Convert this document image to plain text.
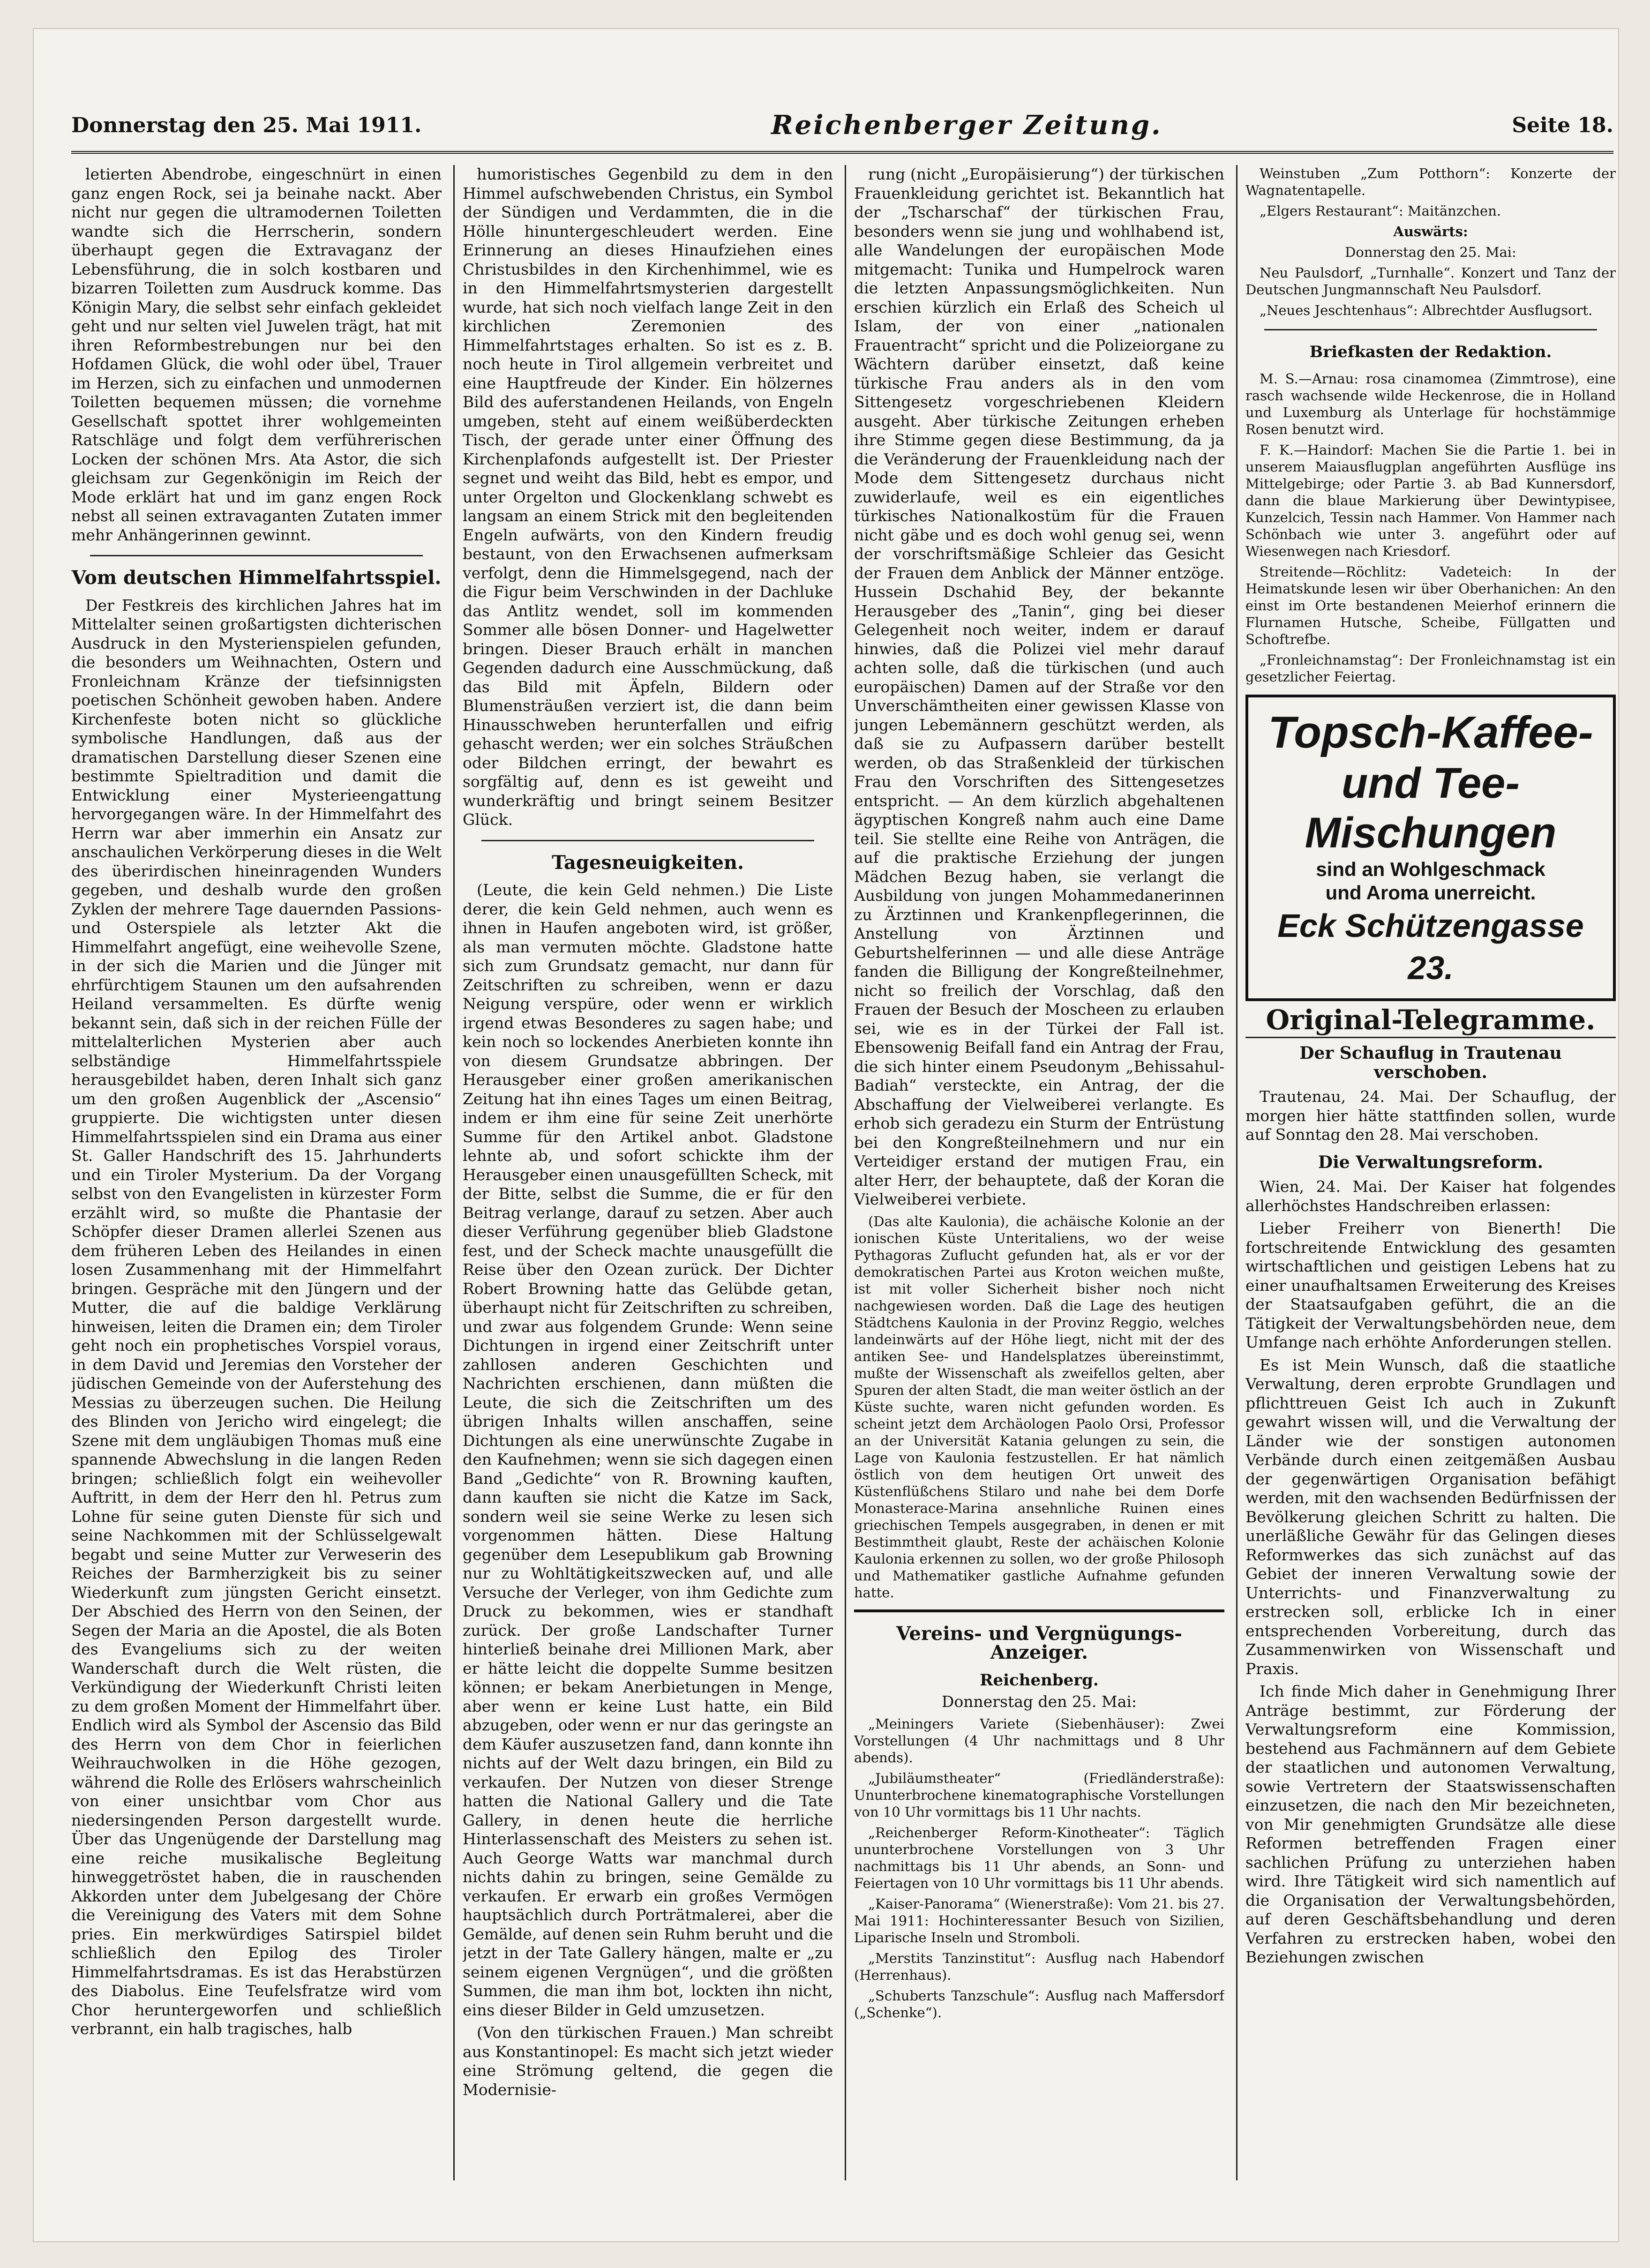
Donnerstag den 25. Mai 1911.	Reichenberger Zeitung.	Seite 18.

letierten Abendrobe, eingeschnürt in einen ganz engen Rock, sei ja beinahe nackt. Aber nicht nur gegen die ultramodernen Toiletten wandte sich die Herrscherin, sondern überhaupt gegen die Extravaganz der Lebensführung, die in solch kostbaren und bizarren Toiletten zum Ausdruck komme. Das Königin Mary, die selbst sehr einfach gekleidet geht und nur selten viel Juwelen trägt, hat mit ihren Reformbestrebungen nur bei den Hofdamen Glück, die wohl oder übel, Trauer im Herzen, sich zu einfachen und unmodernen Toiletten bequemen müssen; die vornehme Gesellschaft spottet ihrer wohlgemeinten Ratschläge und folgt dem verführerischen Locken der schönen Mrs. Ata Astor, die sich gleichsam zur Gegenkönigin im Reich der Mode erklärt hat und im ganz engen Rock nebst all seinen extravaganten Zutaten immer mehr Anhängerinnen gewinnt.

Vom deutschen Himmelfahrtsspiel.

Der Festkreis des kirchlichen Jahres hat im Mittelalter seinen großartigsten dichterischen Ausdruck in den Mysterienspielen gefunden, die besonders um Weihnachten, Ostern und Fronleichnam Kränze der tiefsinnigsten poetischen Schönheit gewoben haben. Andere Kirchenfeste boten nicht so glückliche symbolische Handlungen, daß aus der dramatischen Darstellung dieser Szenen eine bestimmte Spieltradition und damit die Entwicklung einer Mysterieengattung hervorgegangen wäre. In der Himmelfahrt des Herrn war aber immerhin ein Ansatz zur anschaulichen Verkörperung dieses in die Welt des überirdischen hineinragenden Wunders gegeben, und deshalb wurde den großen Zyklen der mehrere Tage dauernden Passions- und Osterspiele als letzter Akt die Himmelfahrt angefügt, eine weihevolle Szene, in der sich die Marien und die Jünger mit ehrfürchtigem Staunen um den aufsahrenden Heiland versammelten. Es dürfte wenig bekannt sein, daß sich in der reichen Fülle der mittelalterlichen Mysterien aber auch selbständige Himmelfahrtsspiele herausgebildet haben, deren Inhalt sich ganz um den großen Augenblick der „Ascensio“ gruppierte. Die wichtigsten unter diesen Himmelfahrtsspielen sind ein Drama aus einer St. Galler Handschrift des 15. Jahrhunderts und ein Tiroler Mysterium. Da der Vorgang selbst von den Evangelisten in kürzester Form erzählt wird, so mußte die Phantasie der Schöpfer dieser Dramen allerlei Szenen aus dem früheren Leben des Heilandes in einen losen Zusammenhang mit der Himmelfahrt bringen. Gespräche mit den Jüngern und der Mutter, die auf die baldige Verklärung hinweisen, leiten die Dramen ein; dem Tiroler geht noch ein prophetisches Vorspiel voraus, in dem David und Jeremias den Vorsteher der jüdischen Gemeinde von der Auferstehung des Messias zu überzeugen suchen. Die Heilung des Blinden von Jericho wird eingelegt; die Szene mit dem ungläubigen Thomas muß eine spannende Abwechslung in die langen Reden bringen; schließlich folgt ein weihevoller Auftritt, in dem der Herr den hl. Petrus zum Lohne für seine guten Dienste für sich und seine Nachkommen mit der Schlüsselgewalt begabt und seine Mutter zur Verweserin des Reiches der Barmherzigkeit bis zu seiner Wiederkunft zum jüngsten Gericht einsetzt. Der Abschied des Herrn von den Seinen, der Segen der Maria an die Apostel, die als Boten des Evangeliums sich zu der weiten Wanderschaft durch die Welt rüsten, die Verkündigung der Wiederkunft Christi leiten zu dem großen Moment der Himmelfahrt über. Endlich wird als Symbol der Ascensio das Bild des Herrn von dem Chor in feierlichen Weihrauchwolken in die Höhe gezogen, während die Rolle des Erlösers wahrscheinlich von einer unsichtbar vom Chor aus niedersingenden Person dargestellt wurde. Über das Ungenügende der Darstellung mag eine reiche musikalische Begleitung hinweggetröstet haben, die in rauschenden Akkorden unter dem Jubelgesang der Chöre die Vereinigung des Vaters mit dem Sohne pries. Ein merkwürdiges Satirspiel bildet schließlich den Epilog des Tiroler Himmelfahrtsdramas. Es ist das Herabstürzen des Diabolus. Eine Teufelsfratze wird vom Chor heruntergeworfen und schließlich verbrannt, ein halb tragisches, halb

humoristisches Gegenbild zu dem in den Himmel aufschwebenden Christus, ein Symbol der Sündigen und Verdammten, die in die Hölle hinuntergeschleudert werden. Eine Erinnerung an dieses Hinaufziehen eines Christusbildes in den Kirchenhimmel, wie es in den Himmelfahrtsmysterien dargestellt wurde, hat sich noch vielfach lange Zeit in den kirchlichen Zeremonien des Himmelfahrtstages erhalten. So ist es z. B. noch heute in Tirol allgemein verbreitet und eine Hauptfreude der Kinder. Ein hölzernes Bild des auferstandenen Heilands, von Engeln umgeben, steht auf einem weißüberdeckten Tisch, der gerade unter einer Öffnung des Kirchenplafonds aufgestellt ist. Der Priester segnet und weiht das Bild, hebt es empor, und unter Orgelton und Glockenklang schwebt es langsam an einem Strick mit den begleitenden Engeln aufwärts, von den Kindern freudig bestaunt, von den Erwachsenen aufmerksam verfolgt, denn die Himmelsgegend, nach der die Figur beim Verschwinden in der Dachluke das Antlitz wendet, soll im kommenden Sommer alle bösen Donner- und Hagelwetter bringen. Dieser Brauch erhält in manchen Gegenden dadurch eine Ausschmückung, daß das Bild mit Äpfeln, Bildern oder Blumensträußen verziert ist, die dann beim Hinausschweben herunterfallen und eifrig gehascht werden; wer ein solches Sträußchen oder Bildchen erringt, der bewahrt es sorgfältig auf, denn es ist geweiht und wunderkräftig und bringt seinem Besitzer Glück.

Tagesneuigkeiten.

(Leute, die kein Geld nehmen.) Die Liste derer, die kein Geld nehmen, auch wenn es ihnen in Haufen angeboten wird, ist größer, als man vermuten möchte. Gladstone hatte sich zum Grundsatz gemacht, nur dann für Zeitschriften zu schreiben, wenn er dazu Neigung verspüre, oder wenn er wirklich irgend etwas Besonderes zu sagen habe; und kein noch so lockendes Anerbieten konnte ihn von diesem Grundsatze abbringen. Der Herausgeber einer großen amerikanischen Zeitung hat ihn eines Tages um einen Beitrag, indem er ihm eine für seine Zeit unerhörte Summe für den Artikel anbot. Gladstone lehnte ab, und sofort schickte ihm der Herausgeber einen unausgefüllten Scheck, mit der Bitte, selbst die Summe, die er für den Beitrag verlange, darauf zu setzen. Aber auch dieser Verführung gegenüber blieb Gladstone fest, und der Scheck machte unausgefüllt die Reise über den Ozean zurück. Der Dichter Robert Browning hatte das Gelübde getan, überhaupt nicht für Zeitschriften zu schreiben, und zwar aus folgendem Grunde: Wenn seine Dichtungen in irgend einer Zeitschrift unter zahllosen anderen Geschichten und Nachrichten erschienen, dann müßten die Leute, die sich die Zeitschriften um des übrigen Inhalts willen anschaffen, seine Dichtungen als eine unerwünschte Zugabe in den Kaufnehmen; wenn sie sich dagegen einen Band „Gedichte“ von R. Browning kauften, dann kauften sie nicht die Katze im Sack, sondern weil sie seine Werke zu lesen sich vorgenommen hätten. Diese Haltung gegenüber dem Lesepublikum gab Browning nur zu Wohltätigkeitszwecken auf, und alle Versuche der Verleger, von ihm Gedichte zum Druck zu bekommen, wies er standhaft zurück. Der große Landschafter Turner hinterließ beinahe drei Millionen Mark, aber er hätte leicht die doppelte Summe besitzen können; er bekam Anerbietungen in Menge, aber wenn er keine Lust hatte, ein Bild abzugeben, oder wenn er nur das geringste an dem Käufer auszusetzen fand, dann konnte ihn nichts auf der Welt dazu bringen, ein Bild zu verkaufen. Der Nutzen von dieser Strenge hatten die National Gallery und die Tate Gallery, in denen heute die herrliche Hinterlassenschaft des Meisters zu sehen ist. Auch George Watts war manchmal durch nichts dahin zu bringen, seine Gemälde zu verkaufen. Er erwarb ein großes Vermögen hauptsächlich durch Porträtmalerei, aber die Gemälde, auf denen sein Ruhm beruht und die jetzt in der Tate Gallery hängen, malte er „zu seinem eigenen Vergnügen“, und die größten Summen, die man ihm bot, lockten ihn nicht, eins dieser Bilder in Geld umzusetzen.

(Von den türkischen Frauen.) Man schreibt aus Konstantinopel: Es macht sich jetzt wieder eine Strömung geltend, die gegen die Modernisie-

rung (nicht „Europäisierung“) der türkischen Frauenkleidung gerichtet ist. Bekanntlich hat der „Tscharschaf“ der türkischen Frau, besonders wenn sie jung und wohlhabend ist, alle Wandelungen der europäischen Mode mitgemacht: Tunika und Humpelrock waren die letzten Anpassungsmöglichkeiten. Nun erschien kürzlich ein Erlaß des Scheich ul Islam, der von einer „nationalen Frauentracht“ spricht und die Polizeiorgane zu Wächtern darüber einsetzt, daß keine türkische Frau anders als in den vom Sittengesetz vorgeschriebenen Kleidern ausgeht. Aber türkische Zeitungen erheben ihre Stimme gegen diese Bestimmung, da ja die Veränderung der Frauenkleidung nach der Mode dem Sittengesetz durchaus nicht zuwiderlaufe, weil es ein eigentliches türkisches Nationalkostüm für die Frauen nicht gäbe und es doch wohl genug sei, wenn der vorschriftsmäßige Schleier das Gesicht der Frauen dem Anblick der Männer entzöge. Hussein Dschahid Bey, der bekannte Herausgeber des „Tanin“, ging bei dieser Gelegenheit noch weiter, indem er darauf hinwies, daß die Polizei viel mehr darauf achten solle, daß die türkischen (und auch europäischen) Damen auf der Straße vor den Unverschämtheiten einer gewissen Klasse von jungen Lebemännern geschützt werden, als daß sie zu Aufpassern darüber bestellt werden, ob das Straßenkleid der türkischen Frau den Vorschriften des Sittengesetzes entspricht. — An dem kürzlich abgehaltenen ägyptischen Kongreß nahm auch eine Dame teil. Sie stellte eine Reihe von Anträgen, die auf die praktische Erziehung der jungen Mädchen Bezug haben, sie verlangt die Ausbildung von jungen Mohammedanerinnen zu Ärztinnen und Krankenpflegerinnen, die Anstellung von Ärztinnen und Geburtshelferinnen — und alle diese Anträge fanden die Billigung der Kongreßteilnehmer, nicht so freilich der Vorschlag, daß den Frauen der Besuch der Moscheen zu erlauben sei, wie es in der Türkei der Fall ist. Ebensowenig Beifall fand ein Antrag der Frau, die sich hinter einem Pseudonym „Behissahul-Badiah“ versteckte, ein Antrag, der die Abschaffung der Vielweiberei verlangte. Es erhob sich geradezu ein Sturm der Entrüstung bei den Kongreßteilnehmern und nur ein Verteidiger erstand der mutigen Frau, ein alter Herr, der behauptete, daß der Koran die Vielweiberei verbiete.

(Das alte Kaulonia), die achäische Kolonie an der ionischen Küste Unteritaliens, wo der weise Pythagoras Zuflucht gefunden hat, als er vor der demokratischen Partei aus Kroton weichen mußte, ist mit voller Sicherheit bisher noch nicht nachgewiesen worden. Daß die Lage des heutigen Städtchens Kaulonia in der Provinz Reggio, welches landeinwärts auf der Höhe liegt, nicht mit der des antiken See- und Handelsplatzes übereinstimmt, mußte der Wissenschaft als zweifellos gelten, aber Spuren der alten Stadt, die man weiter östlich an der Küste suchte, waren nicht gefunden worden. Es scheint jetzt dem Archäologen Paolo Orsi, Professor an der Universität Katania gelungen zu sein, die Lage von Kaulonia festzustellen. Er hat nämlich östlich von dem heutigen Ort unweit des Küstenflüßchens Stilaro und nahe bei dem Dorfe Monasterace-Marina ansehnliche Ruinen eines griechischen Tempels ausgegraben, in denen er mit Bestimmtheit glaubt, Reste der achäischen Kolonie Kaulonia erkennen zu sollen, wo der große Philosoph und Mathematiker gastliche Aufnahme gefunden hatte.

Vereins- und Vergnügungs-Anzeiger.
Reichenberg.

Donnerstag den 25. Mai:

„Meiningers Variete (Siebenhäuser): Zwei Vorstellungen (4 Uhr nachmittags und 8 Uhr abends).

„Jubiläumstheater“ (Friedländerstraße): Ununterbrochene kinematographische Vorstellungen von 10 Uhr vormittags bis 11 Uhr nachts.

„Reichenberger Reform-Kinotheater“: Täglich ununterbrochene Vorstellungen von 3 Uhr nachmittags bis 11 Uhr abends, an Sonn- und Feiertagen von 10 Uhr vormittags bis 11 Uhr abends.

„Kaiser-Panorama“ (Wienerstraße): Vom 21. bis 27. Mai 1911: Hochinteressanter Besuch von Sizilien, Liparische Inseln und Stromboli.

„Merstits Tanzinstitut“: Ausflug nach Habendorf (Herrenhaus).

„Schuberts Tanzschule“: Ausflug nach Maffersdorf („Schenke“).

Weinstuben „Zum Potthorn“: Konzerte der Wagnatentapelle.

„Elgers Restaurant“: Maitänzchen.

Auswärts:

Donnerstag den 25. Mai:

Neu Paulsdorf, „Turnhalle“. Konzert und Tanz der Deutschen Jungmannschaft Neu Paulsdorf.

„Neues Jeschtenhaus“: Albrechtder Ausflugsort.

Briefkasten der Redaktion.

M. S.—Arnau: rosa cinamomea (Zimmtrose), eine rasch wachsende wilde Heckenrose, die in Holland und Luxemburg als Unterlage für hochstämmige Rosen benutzt wird.

F. K.—Haindorf: Machen Sie die Partie 1. bei in unserem Maiausflugplan angeführten Ausflüge ins Mittelgebirge; oder Partie 3. ab Bad Kunnersdorf, dann die blaue Markierung über Dewintypisee, Kunzelcich, Tessin nach Hammer. Von Hammer nach Schönbach wie unter 3. angeführt oder auf Wiesenwegen nach Kriesdorf.

Streitende—Röchlitz: Vadeteich: In der Heimatskunde lesen wir über Oberhanichen: An den einst im Orte bestandenen Meierhof erinnern die Flurnamen Hutsche, Scheibe, Füllgatten und Schoftrefbe.

„Fronleichnamstag“: Der Fronleichnamstag ist ein gesetzlicher Feiertag.

Topsch-Kaffee-
und Tee-Mischungen
sind an Wohlgeschmack
und Aroma unerreicht.
Eck Schützengasse 23.
Original-Telegramme.
Der Schauflug in Trautenau verschoben.

Trautenau, 24. Mai. Der Schauflug, der morgen hier hätte stattfinden sollen, wurde auf Sonntag den 28. Mai verschoben.

Die Verwaltungsreform.

Wien, 24. Mai. Der Kaiser hat folgendes allerhöchstes Handschreiben erlassen:

Lieber Freiherr von Bienerth! Die fortschreitende Entwicklung des gesamten wirtschaftlichen und geistigen Lebens hat zu einer unaufhaltsamen Erweiterung des Kreises der Staatsaufgaben geführt, die an die Tätigkeit der Verwaltungsbehörden neue, dem Umfange nach erhöhte Anforderungen stellen.

Es ist Mein Wunsch, daß die staatliche Verwaltung, deren erprobte Grundlagen und pflichttreuen Geist Ich auch in Zukunft gewahrt wissen will, und die Verwaltung der Länder wie der sonstigen autonomen Verbände durch einen zeitgemäßen Ausbau der gegenwärtigen Organisation befähigt werden, mit den wachsenden Bedürfnissen der Bevölkerung gleichen Schritt zu halten. Die unerläßliche Gewähr für das Gelingen dieses Reformwerkes das sich zunächst auf das Gebiet der inneren Verwaltung sowie der Unterrichts- und Finanzverwaltung zu erstrecken soll, erblicke Ich in einer entsprechenden Vorbereitung, durch das Zusammenwirken von Wissenschaft und Praxis.

Ich finde Mich daher in Genehmigung Ihrer Anträge bestimmt, zur Förderung der Verwaltungsreform eine Kommission, bestehend aus Fachmännern auf dem Gebiete der staatlichen und autonomen Verwaltung, sowie Vertretern der Staatswissenschaften einzusetzen, die nach den Mir bezeichneten, von Mir genehmigten Grundsätze alle diese Reformen betreffenden Fragen einer sachlichen Prüfung zu unterziehen haben wird. Ihre Tätigkeit wird sich namentlich auf die Organisation der Verwaltungsbehörden, auf deren Geschäftsbehandlung und deren Verfahren zu erstrecken haben, wobei den Beziehungen zwischen
